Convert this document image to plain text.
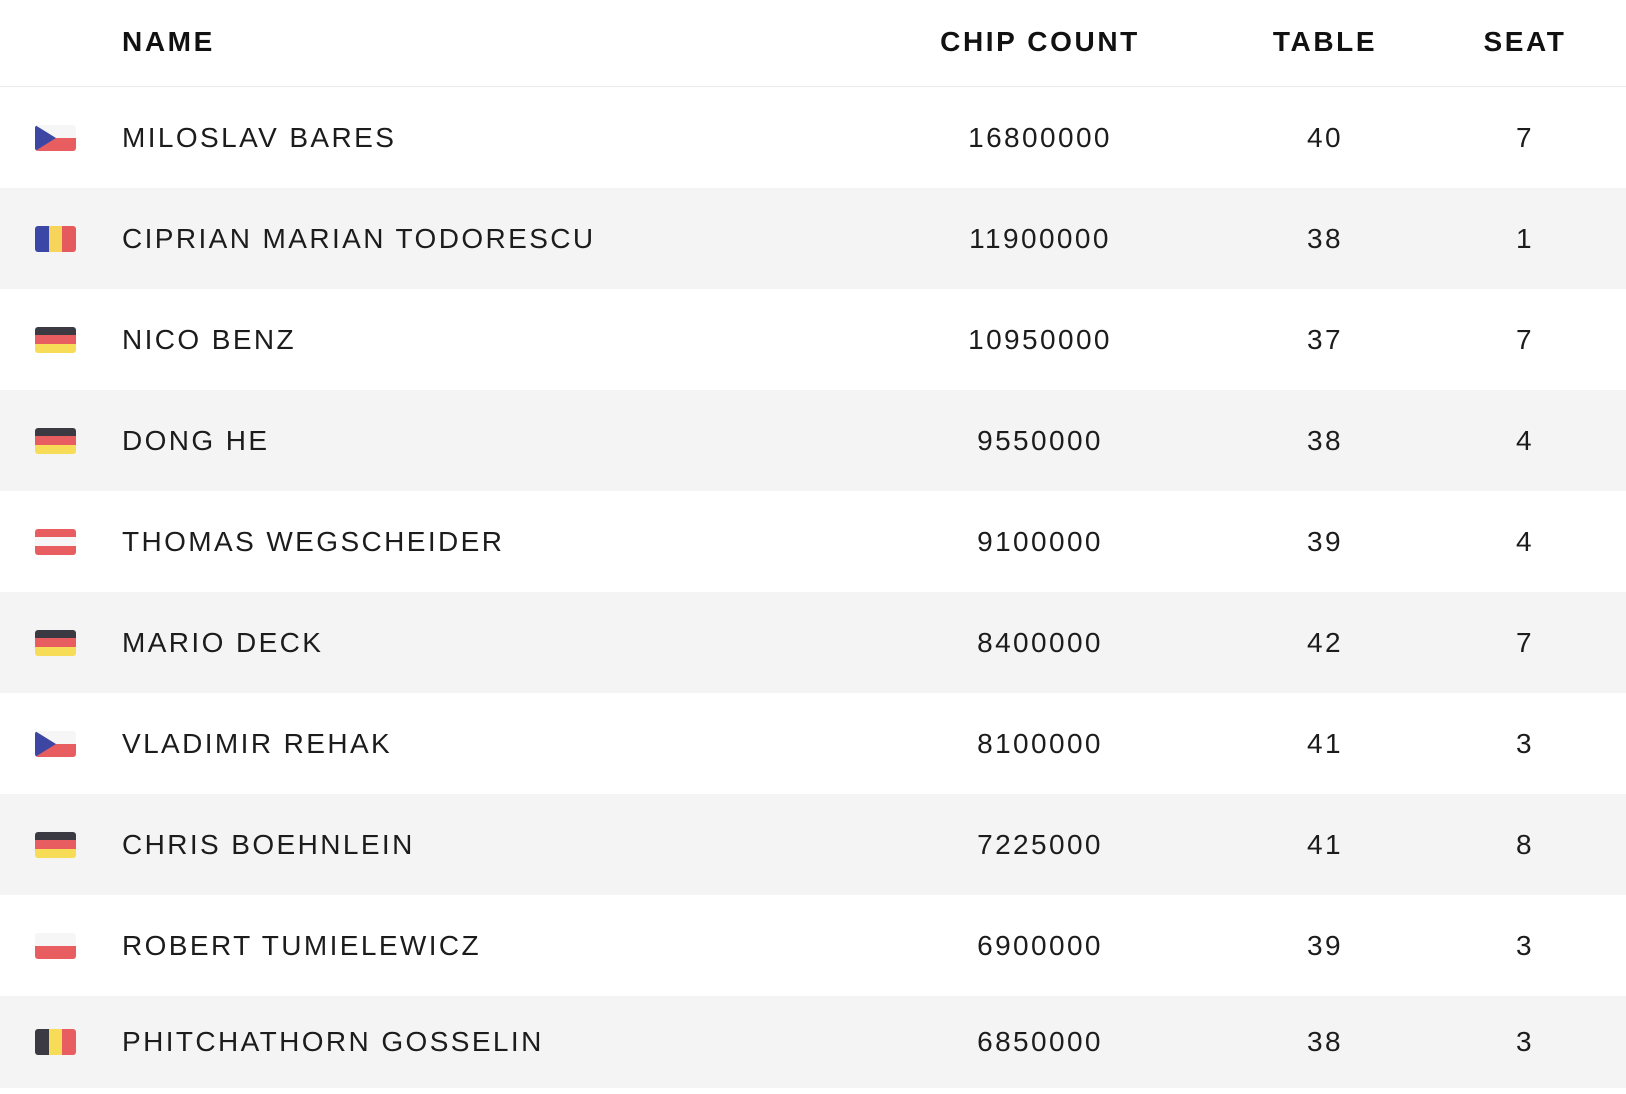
NAME	CHIP COUNT	TABLE	SEAT
MILOSLAV BARES	16800000	40	7
CIPRIAN MARIAN TODORESCU	11900000	38	1
NICO BENZ	10950000	37	7
DONG HE	9550000	38	4
THOMAS WEGSCHEIDER	9100000	39	4
MARIO DECK	8400000	42	7
VLADIMIR REHAK	8100000	41	3
CHRIS BOEHNLEIN	7225000	41	8
ROBERT TUMIELEWICZ	6900000	39	3
PHITCHATHORN GOSSELIN	6850000	38	3
